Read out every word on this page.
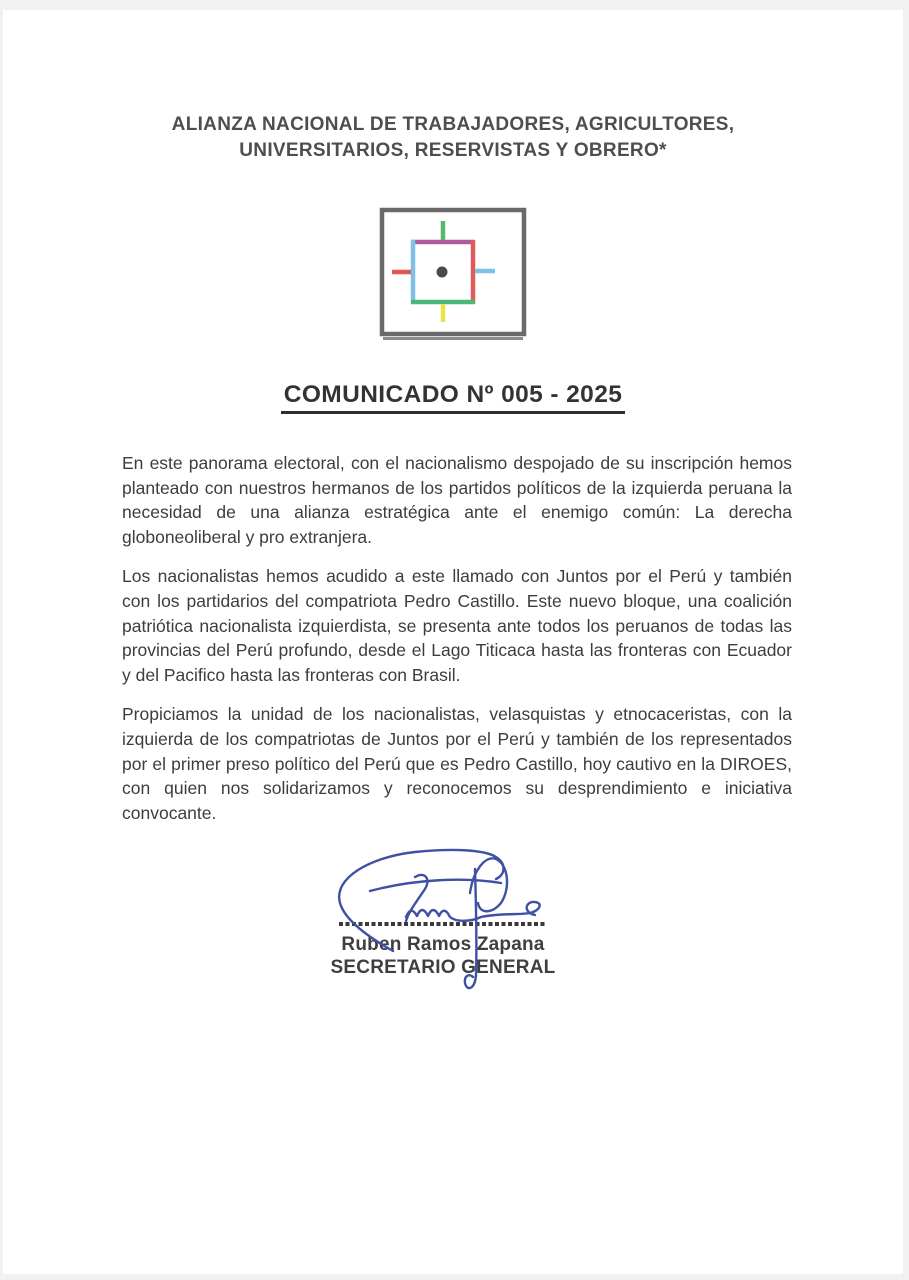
ALIANZA NACIONAL DE TRABAJADORES, AGRICULTORES,
UNIVERSITARIOS, RESERVISTAS Y OBRERO*
COMUNICADO Nº 005 - 2025

En este panorama electoral, con el nacionalismo despojado de su inscripción hemos planteado con nuestros hermanos de los partidos políticos de la izquierda peruana la necesidad de una alianza estratégica ante el enemigo común: La derecha globoneoliberal y pro extranjera.

Los nacionalistas hemos acudido a este llamado con Juntos por el Perú y también con los partidarios del compatriota Pedro Castillo. Este nuevo bloque, una coalición patriótica nacionalista izquierdista, se presenta ante todos los peruanos de todas las provincias del Perú profundo, desde el Lago Titicaca hasta las fronteras con Ecuador y del Pacifico hasta las fronteras con Brasil.

Propiciamos la unidad de los nacionalistas, velasquistas y etnocaceristas, con la izquierda de los compatriotas de Juntos por el Perú y también de los representados por el primer preso político del Perú que es Pedro Castillo, hoy cautivo en la DIROES, con quien nos solidarizamos y reconocemos su desprendimiento e iniciativa convocante.

Ruben Ramos Zapana
SECRETARIO GENERAL
